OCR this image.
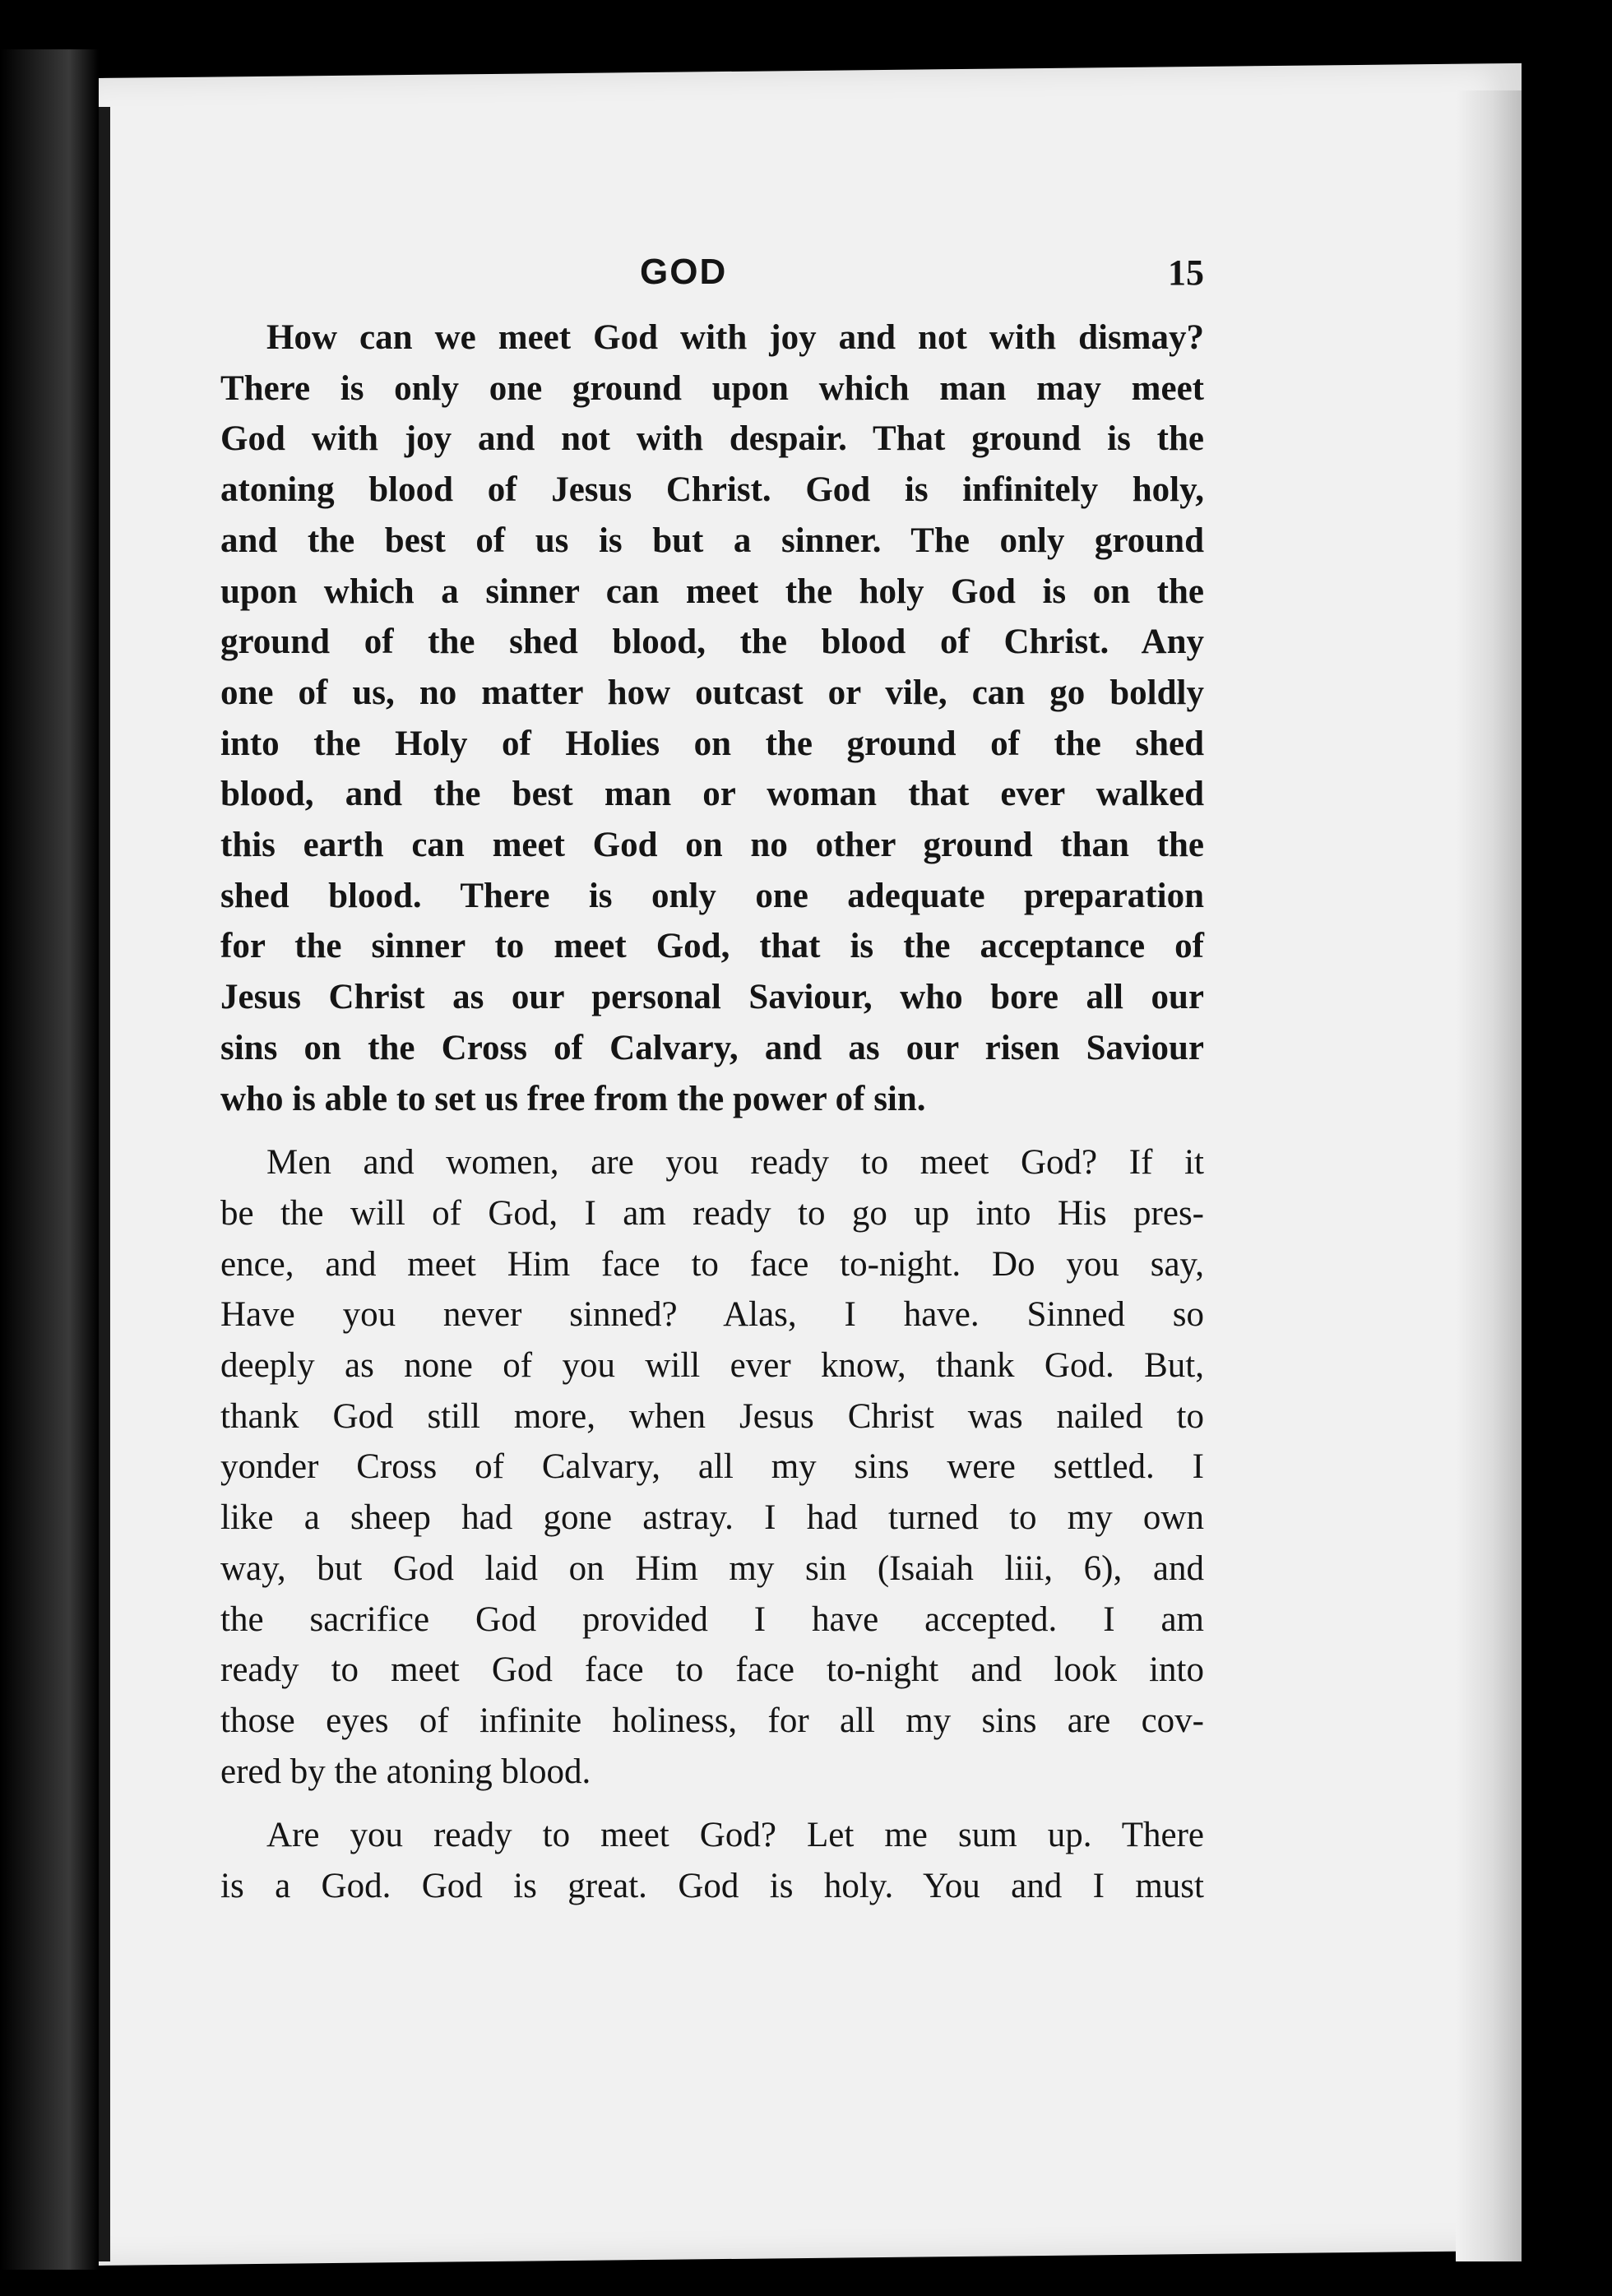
GOD	15
How can we meet God with joy and not with dismay?
There is only one ground upon which man may meet
God with joy and not with despair. That ground is the
atoning blood of Jesus Christ. God is infinitely holy,
and the best of us is but a sinner. The only ground
upon which a sinner can meet the holy God is on the
ground of the shed blood, the blood of Christ. Any
one of us, no matter how outcast or vile, can go boldly
into the Holy of Holies on the ground of the shed
blood, and the best man or woman that ever walked
this earth can meet God on no other ground than the
shed blood. There is only one adequate preparation
for the sinner to meet God, that is the acceptance of
Jesus Christ as our personal Saviour, who bore all our
sins on the Cross of Calvary, and as our risen Saviour
who is able to set us free from the power of sin.
Men and women, are you ready to meet God? If it
be the will of God, I am ready to go up into His pres-
ence, and meet Him face to face to-night. Do you say,
Have you never sinned? Alas, I have. Sinned so
deeply as none of you will ever know, thank God. But,
thank God still more, when Jesus Christ was nailed to
yonder Cross of Calvary, all my sins were settled. I
like a sheep had gone astray. I had turned to my own
way, but God laid on Him my sin (Isaiah liii, 6), and
the sacrifice God provided I have accepted. I am
ready to meet God face to face to-night and look into
those eyes of infinite holiness, for all my sins are cov-
ered by the atoning blood.
Are you ready to meet God? Let me sum up. There
is a God. God is great. God is holy. You and I must
